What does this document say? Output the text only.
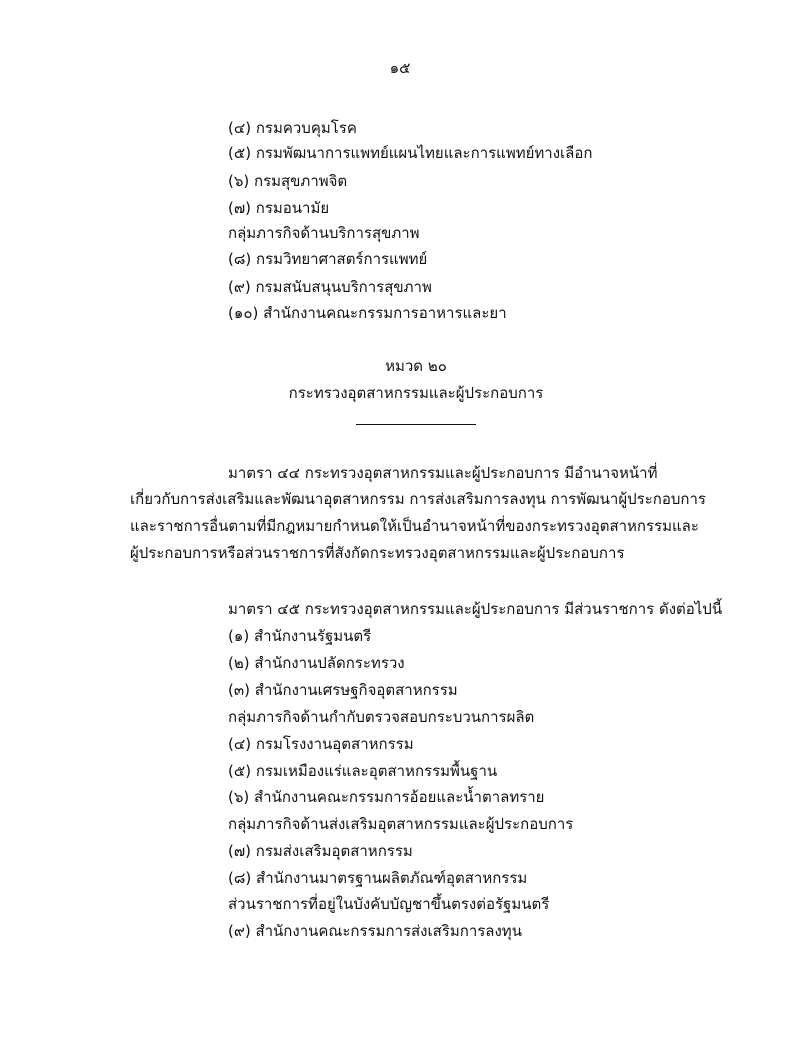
๑๕
(๔) กรมควบคุมโรค
(๕) กรมพัฒนาการแพทย์แผนไทยและการแพทย์ทางเลือก
(๖) กรมสุขภาพจิต
(๗) กรมอนามัย
กลุ่มภารกิจด้านบริการสุขภาพ
(๘) กรมวิทยาศาสตร์การแพทย์
(๙) กรมสนับสนุนบริการสุขภาพ
(๑๐) สำนักงานคณะกรรมการอาหารและยา
หมวด ๒๐
กระทรวงอุตสาหกรรมและผู้ประกอบการ
มาตรา ๔๔ กระทรวงอุตสาหกรรมและผู้ประกอบการ มีอำนาจหน้าที่
เกี่ยวกับการส่งเสริมและพัฒนาอุตสาหกรรม การส่งเสริมการลงทุน การพัฒนาผู้ประกอบการ
และราชการอื่นตามที่มีกฎหมายกำหนดให้เป็นอำนาจหน้าที่ของกระทรวงอุตสาหกรรมและ
ผู้ประกอบการหรือส่วนราชการที่สังกัดกระทรวงอุตสาหกรรมและผู้ประกอบการ
มาตรา ๔๕ กระทรวงอุตสาหกรรมและผู้ประกอบการ มีส่วนราชการ ดังต่อไปนี้
(๑) สำนักงานรัฐมนตรี
(๒) สำนักงานปลัดกระทรวง
(๓) สำนักงานเศรษฐกิจอุตสาหกรรม
กลุ่มภารกิจด้านกำกับตรวจสอบกระบวนการผลิต
(๔) กรมโรงงานอุตสาหกรรม
(๕) กรมเหมืองแร่และอุตสาหกรรมพื้นฐาน
(๖) สำนักงานคณะกรรมการอ้อยและน้ำตาลทราย
กลุ่มภารกิจด้านส่งเสริมอุตสาหกรรมและผู้ประกอบการ
(๗) กรมส่งเสริมอุตสาหกรรม
(๘) สำนักงานมาตรฐานผลิตภัณฑ์อุตสาหกรรม
ส่วนราชการที่อยู่ในบังคับบัญชาขึ้นตรงต่อรัฐมนตรี
(๙) สำนักงานคณะกรรมการส่งเสริมการลงทุน
